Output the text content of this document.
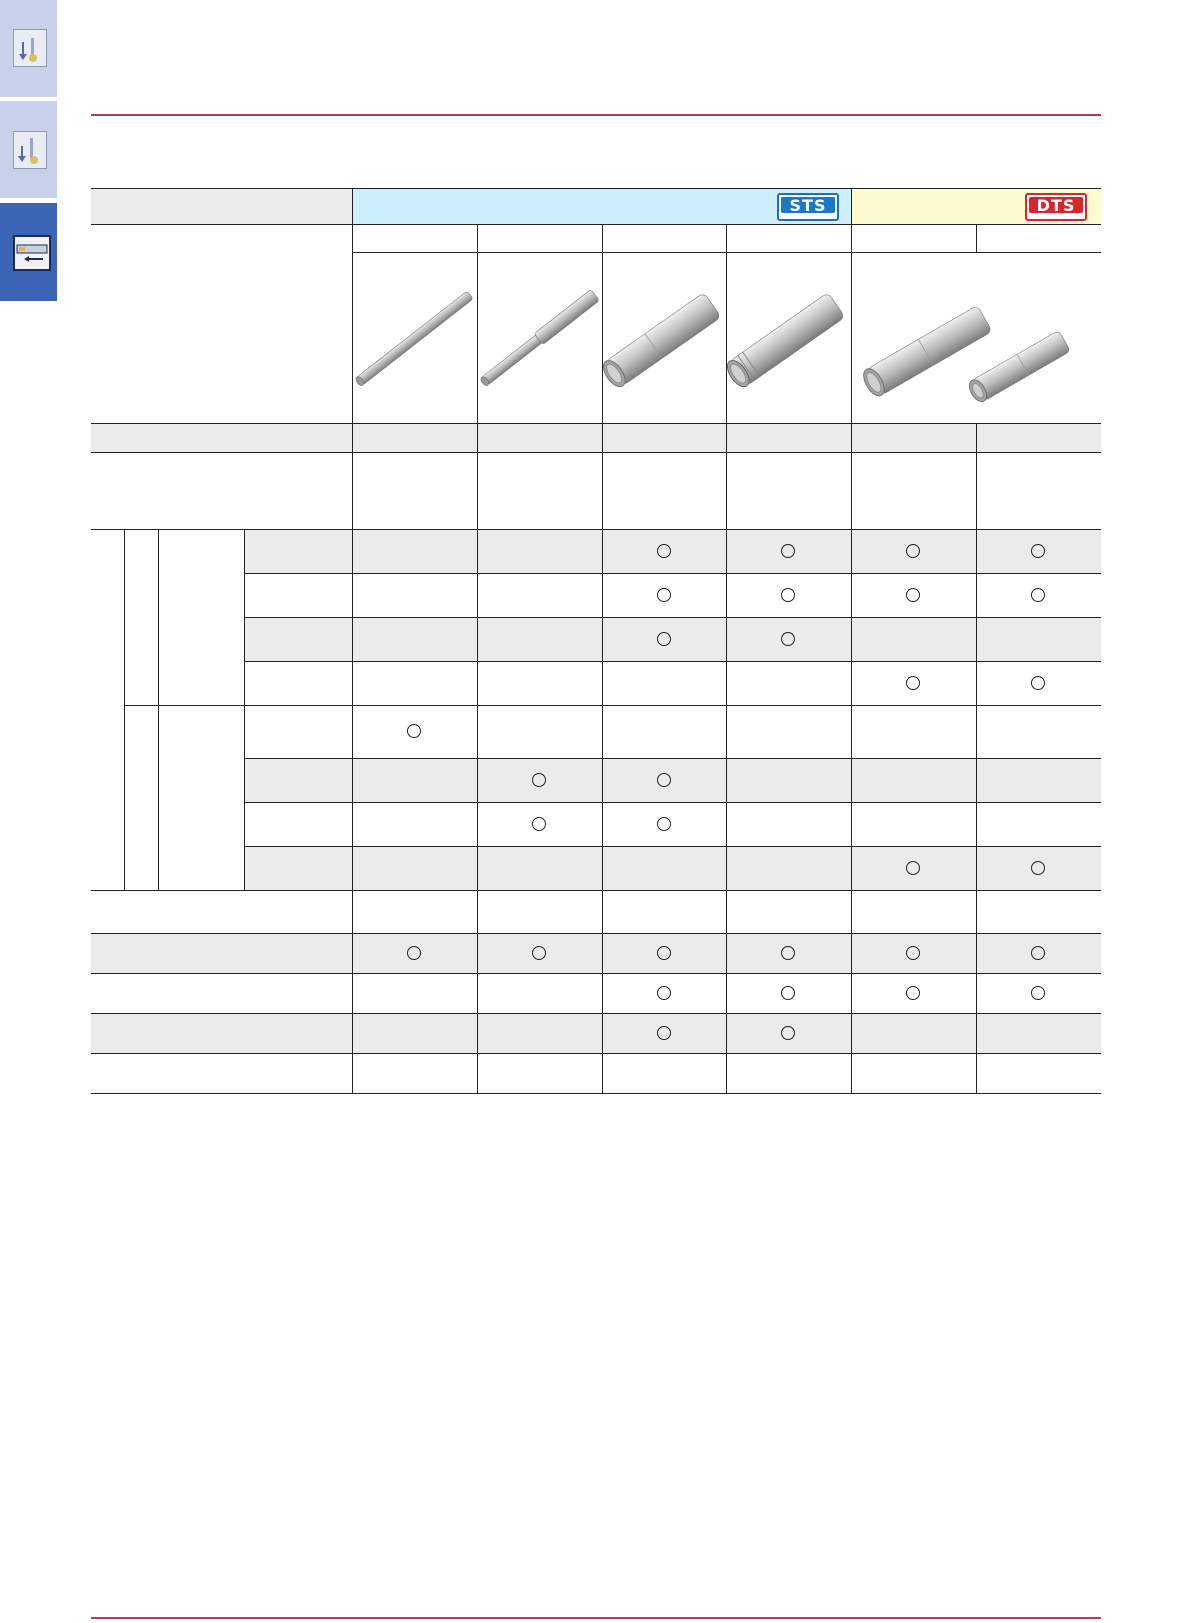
STS	DTS
